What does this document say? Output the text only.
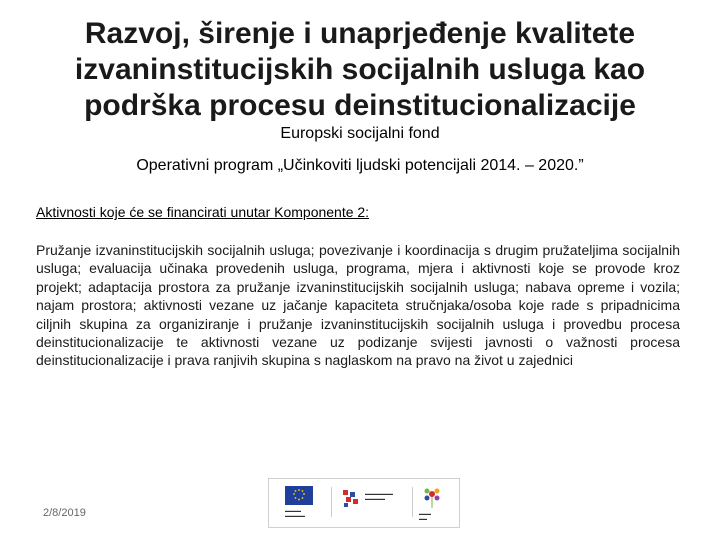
Razvoj, širenje i unaprjeđenje kvalitete
izvaninstitucijskih socijalnih usluga kao
podrška procesu deinstitucionalizacije
Europski socijalni fond
Operativni program „Učinkoviti ljudski potencijali 2014. – 2020.”
Aktivnosti koje će se financirati unutar Komponente 2:
Pružanje izvaninstitucijskih socijalnih usluga; povezivanje i koordinacija s drugim pružateljima socijalnih usluga; evaluacija učinaka provedenih usluga, programa, mjera i aktivnosti koje se provode kroz projekt; adaptacija prostora za pružanje izvaninstitucijskih socijalnih usluga; nabava opreme i vozila; najam prostora; aktivnosti vezane uz jačanje kapaciteta stručnjaka/osoba koje rade s pripadnicima ciljnih skupina za organiziranje i pružanje izvaninstitucijskih socijalnih usluga i provedbu procesa deinstitucionalizacije te aktivnosti vezane uz podizanje svijesti javnosti o važnosti procesa deinstitucionalizacije i prava ranjivih skupina s naglaskom na pravo na život u zajednici
2/8/2019	▬▬▬▬
▬▬▬▬▬
▬▬▬▬▬▬▬
▬▬▬▬▬
▬▬▬
▬▬
